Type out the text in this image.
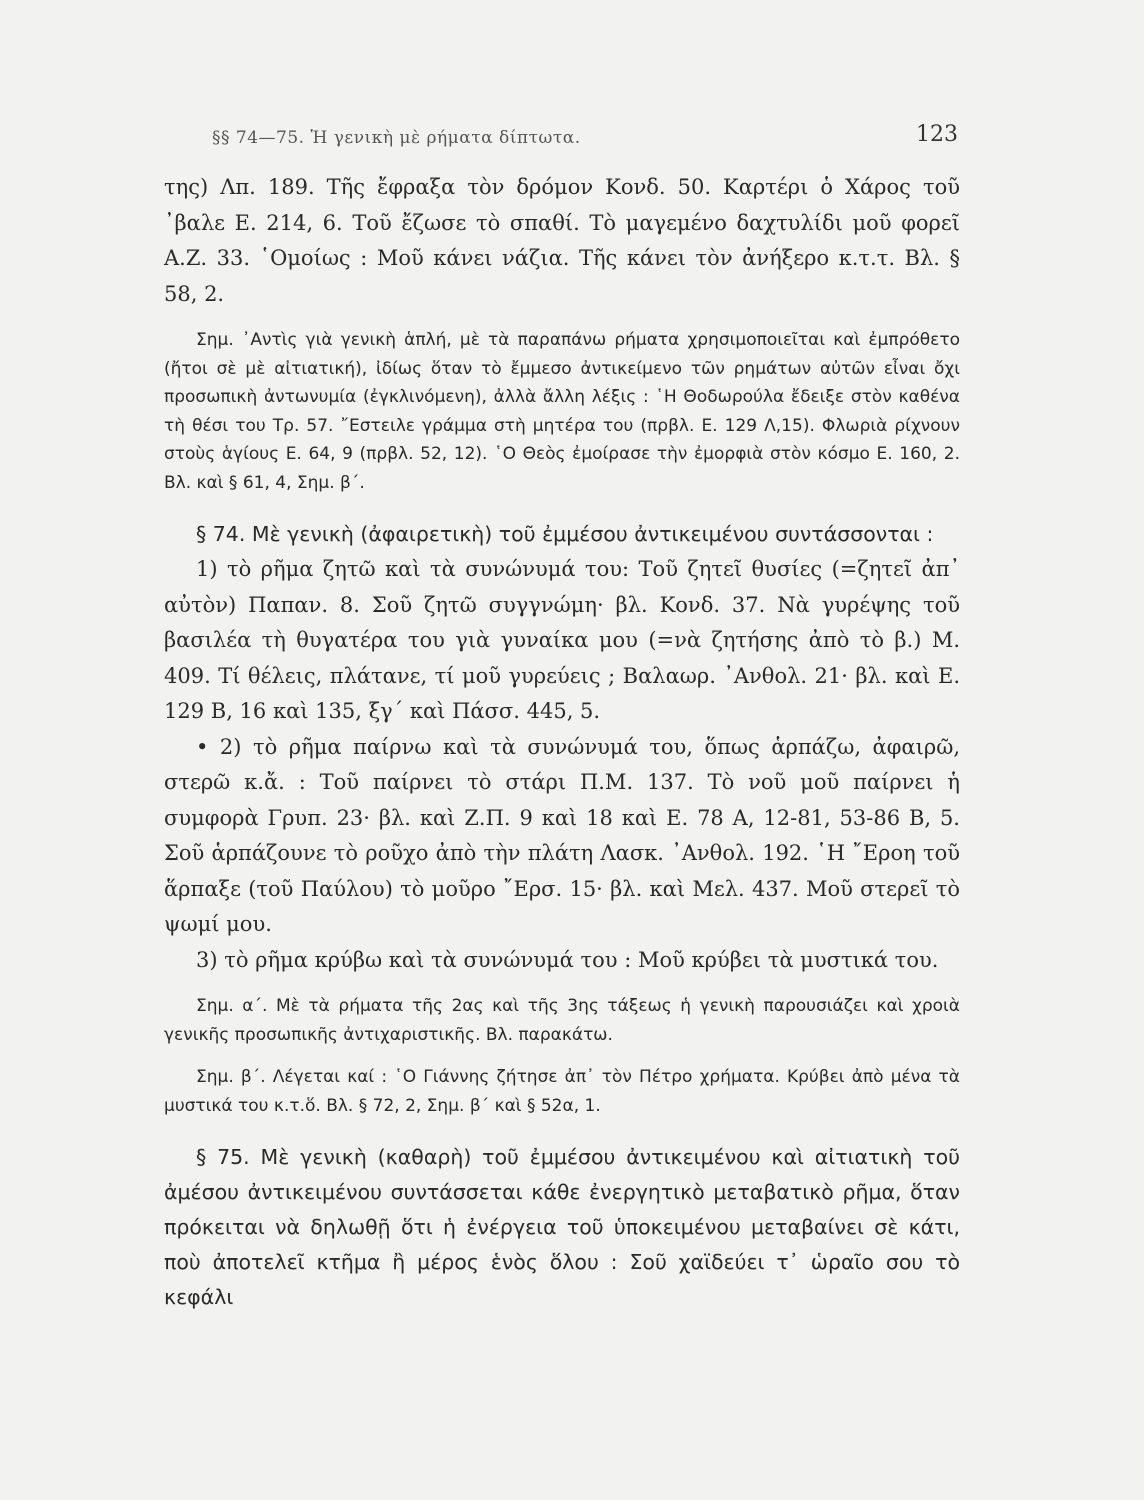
§§ 74—75. Ἡ γενικὴ μὲ ρήματα δίπτωτα.	123

της) Λπ. 189. Τῆς ἔφραξα τὸν δρόμον Κονδ. 50. Καρτέρι ὁ Χάρος τοῦ ᾿βαλε Ε. 214, 6. Τοῦ ἔζωσε τὸ σπαθί. Τὸ μαγεμένο δαχτυλίδι μοῦ φορεῖ Α.Ζ. 33. ῾Ομοίως : Μοῦ κάνει νάζια. Τῆς κάνει τὸν ἀνήξερο κ.τ.τ. Βλ. § 58, 2.

Σημ. ᾿Αντὶς γιὰ γενικὴ ἁπλή, μὲ τὰ παραπάνω ρήματα χρησιμοποιεῖται καὶ ἐμπρόθετο (ἤτοι σὲ μὲ αἰτιατική), ἰδίως ὅταν τὸ ἔμμεσο ἀντικείμενο τῶν ρημάτων αὐτῶν εἶναι ὄχι προσωπικὴ ἀντωνυμία (ἐγκλινόμενη), ἀλλὰ ἄλλη λέξις : ῾Η Θοδωρούλα ἔδειξε στὸν καθένα τὴ θέσι του Τρ. 57. ῎Εστειλε γράμμα στὴ μητέρα του (πρβλ. Ε. 129 Λ,15). Φλωριὰ ρίχνουν στοὺς ἁγίους Ε. 64, 9 (πρβλ. 52, 12). ῾Ο Θεὸς ἐμοίρασε τὴν ἐμορφιὰ στὸν κόσμο Ε. 160, 2. Βλ. καὶ § 61, 4, Σημ. β΄.

§ 74. Μὲ γενικὴ (ἀφαιρετικὴ) τοῦ ἐμμέσου ἀντικειμένου συντάσσονται :

1) τὸ ρῆμα ζητῶ καὶ τὰ συνώνυμά του: Τοῦ ζητεῖ θυσίες (=ζητεῖ ἀπ᾿ αὐτὸν) Παπαν. 8. Σοῦ ζητῶ συγγνώμη· βλ. Κονδ. 37. Νὰ γυρέψης τοῦ βασιλέα τὴ θυγατέρα του γιὰ γυναίκα μου (=νὰ ζητήσης ἀπὸ τὸ β.) Μ. 409. Τί θέλεις, πλάτανε, τί μοῦ γυρεύεις ; Βαλαωρ. ᾿Ανθολ. 21· βλ. καὶ Ε. 129 Β, 16 καὶ 135, ξγ΄ καὶ Πάσσ. 445, 5.

• 2) τὸ ρῆμα παίρνω καὶ τὰ συνώνυμά του, ὅπως ἁρπάζω, ἀφαιρῶ, στερῶ κ.ἄ. : Τοῦ παίρνει τὸ στάρι Π.Μ. 137. Τὸ νοῦ μοῦ παίρνει ἡ συμφορὰ Γρυπ. 23· βλ. καὶ Ζ.Π. 9 καὶ 18 καὶ Ε. 78 Α, 12-81, 53-86 Β, 5. Σοῦ ἁρπάζουνε τὸ ροῦχο ἀπὸ τὴν πλάτη Λασκ. ᾿Ανθολ. 192. ῾Η ῎Εροη τοῦ ἅρπαξε (τοῦ Παύλου) τὸ μοῦρο ῎Ερσ. 15· βλ. καὶ Μελ. 437. Μοῦ στερεῖ τὸ ψωμί μου.

3) τὸ ρῆμα κρύβω καὶ τὰ συνώνυμά του : Μοῦ κρύβει τὰ μυστικά του.

Σημ. α΄. Μὲ τὰ ρήματα τῆς 2ας καὶ τῆς 3ης τάξεως ἡ γενικὴ παρουσιάζει καὶ χροιὰ γενικῆς προσωπικῆς ἀντιχαριστικῆς. Βλ. παρακάτω.

Σημ. β΄. Λέγεται καί : ῾Ο Γιάννης ζήτησε ἀπ᾿ τὸν Πέτρο χρήματα. Κρύβει ἀπὸ μένα τὰ μυστικά του κ.τ.ὅ. Βλ. § 72, 2, Σημ. β΄ καὶ § 52α, 1.

§ 75. Μὲ γενικὴ (καθαρὴ) τοῦ ἐμμέσου ἀντικειμένου καὶ αἰτιατικὴ τοῦ ἀμέσου ἀντικειμένου συντάσσεται κάθε ἐνεργητικὸ μεταβατικὸ ρῆμα, ὅταν πρόκειται νὰ δηλωθῇ ὅτι ἡ ἐνέργεια τοῦ ὑποκειμένου μεταβαίνει σὲ κάτι, ποὺ ἀποτελεῖ κτῆμα ἢ μέρος ἑνὸς ὅλου : Σοῦ χαϊδεύει τ᾿ ὡραῖο σου τὸ κεφάλι
